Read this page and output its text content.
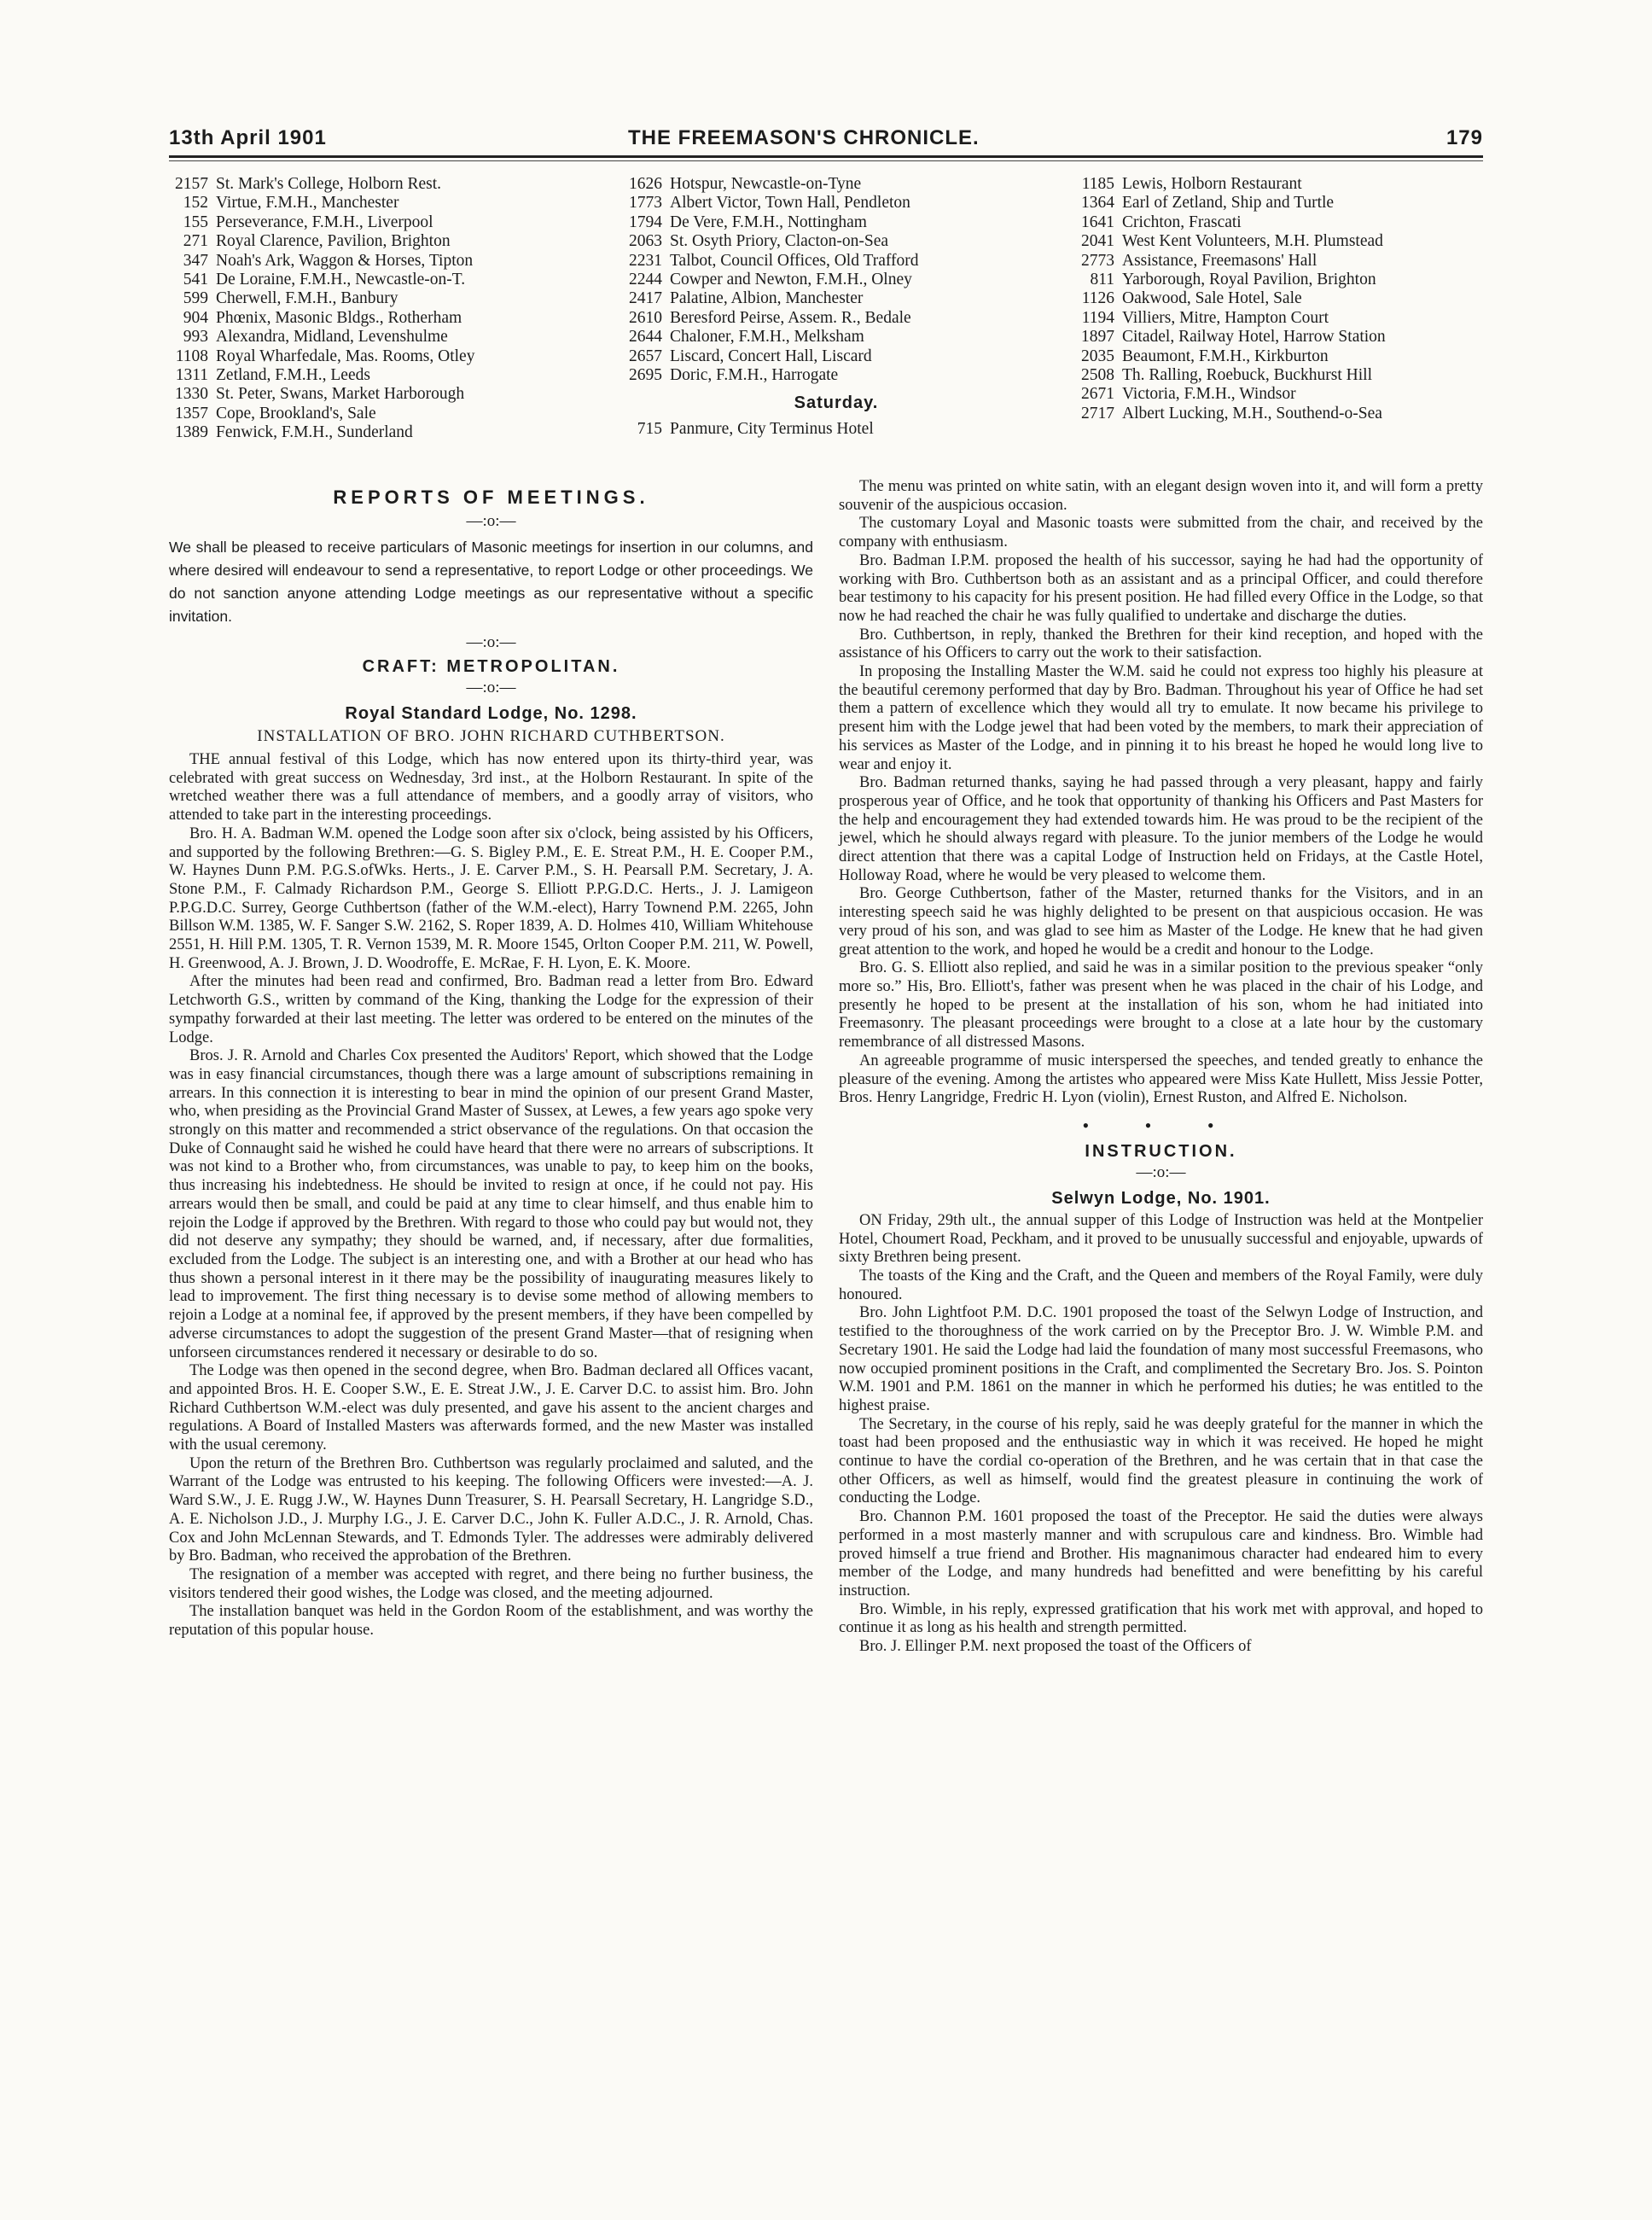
13th April 1901	THE FREEMASON'S CHRONICLE.	179
2157 St. Mark's College, Holborn Rest.
152 Virtue, F.M.H., Manchester
155 Perseverance, F.M.H., Liverpool
271 Royal Clarence, Pavilion, Brighton
347 Noah's Ark, Waggon & Horses, Tipton
541 De Loraine, F.M.H., Newcastle-on-T.
599 Cherwell, F.M.H., Banbury
904 Phœnix, Masonic Bldgs., Rotherham
993 Alexandra, Midland, Levenshulme
1108 Royal Wharfedale, Mas. Rooms, Otley
1311 Zetland, F.M.H., Leeds
1330 St. Peter, Swans, Market Harborough
1357 Cope, Brookland's, Sale
1389 Fenwick, F.M.H., Sunderland
1626 Hotspur, Newcastle-on-Tyne
1773 Albert Victor, Town Hall, Pendleton
1794 De Vere, F.M.H., Nottingham
2063 St. Osyth Priory, Clacton-on-Sea
2231 Talbot, Council Offices, Old Trafford
2244 Cowper and Newton, F.M.H., Olney
2417 Palatine, Albion, Manchester
2610 Beresford Peirse, Assem. R., Bedale
2644 Chaloner, F.M.H., Melksham
2657 Liscard, Concert Hall, Liscard
2695 Doric, F.M.H., Harrogate
Saturday.
715 Panmure, City Terminus Hotel
1185 Lewis, Holborn Restaurant
1364 Earl of Zetland, Ship and Turtle
1641 Crichton, Frascati
2041 West Kent Volunteers, M.H. Plumstead
2773 Assistance, Freemasons' Hall
811 Yarborough, Royal Pavilion, Brighton
1126 Oakwood, Sale Hotel, Sale
1194 Villiers, Mitre, Hampton Court
1897 Citadel, Railway Hotel, Harrow Station
2035 Beaumont, F.M.H., Kirkburton
2508 Th. Ralling, Roebuck, Buckhurst Hill
2671 Victoria, F.M.H., Windsor
2717 Albert Lucking, M.H., Southend-o-Sea
REPORTS OF MEETINGS.
—:o:—
We shall be pleased to receive particulars of Masonic meetings for insertion in our columns, and where desired will endeavour to send a representative, to report Lodge or other proceedings. We do not sanction anyone attending Lodge meetings as our representative without a specific invitation.
—:o:—
CRAFT: METROPOLITAN.
—:o:—
Royal Standard Lodge, No. 1298.
INSTALLATION OF BRO. JOHN RICHARD CUTHBERTSON.

THE annual festival of this Lodge, which has now entered upon its thirty-third year, was celebrated with great success on Wednesday, 3rd inst., at the Holborn Restaurant. In spite of the wretched weather there was a full attendance of members, and a goodly array of visitors, who attended to take part in the interesting proceedings.

Bro. H. A. Badman W.M. opened the Lodge soon after six o'clock, being assisted by his Officers, and supported by the following Brethren:—G. S. Bigley P.M., E. E. Streat P.M., H. E. Cooper P.M., W. Haynes Dunn P.M. P.G.S.ofWks. Herts., J. E. Carver P.M., S. H. Pearsall P.M. Secretary, J. A. Stone P.M., F. Calmady Richardson P.M., George S. Elliott P.P.G.D.C. Herts., J. J. Lamigeon P.P.G.D.C. Surrey, George Cuthbertson (father of the W.M.-elect), Harry Townend P.M. 2265, John Billson W.M. 1385, W. F. Sanger S.W. 2162, S. Roper 1839, A. D. Holmes 410, William Whitehouse 2551, H. Hill P.M. 1305, T. R. Vernon 1539, M. R. Moore 1545, Orlton Cooper P.M. 211, W. Powell, H. Greenwood, A. J. Brown, J. D. Woodroffe, E. McRae, F. H. Lyon, E. K. Moore.

After the minutes had been read and confirmed, Bro. Badman read a letter from Bro. Edward Letchworth G.S., written by command of the King, thanking the Lodge for the expression of their sympathy forwarded at their last meeting. The letter was ordered to be entered on the minutes of the Lodge.

Bros. J. R. Arnold and Charles Cox presented the Auditors' Report, which showed that the Lodge was in easy financial circumstances, though there was a large amount of subscriptions remaining in arrears. In this connection it is interesting to bear in mind the opinion of our present Grand Master, who, when presiding as the Provincial Grand Master of Sussex, at Lewes, a few years ago spoke very strongly on this matter and recommended a strict observance of the regulations. On that occasion the Duke of Connaught said he wished he could have heard that there were no arrears of subscriptions. It was not kind to a Brother who, from circumstances, was unable to pay, to keep him on the books, thus increasing his indebtedness. He should be invited to resign at once, if he could not pay. His arrears would then be small, and could be paid at any time to clear himself, and thus enable him to rejoin the Lodge if approved by the Brethren. With regard to those who could pay but would not, they did not deserve any sympathy; they should be warned, and, if necessary, after due formalities, excluded from the Lodge. The subject is an interesting one, and with a Brother at our head who has thus shown a personal interest in it there may be the possibility of inaugurating measures likely to lead to improvement. The first thing necessary is to devise some method of allowing members to rejoin a Lodge at a nominal fee, if approved by the present members, if they have been compelled by adverse circumstances to adopt the suggestion of the present Grand Master—that of resigning when unforseen circumstances rendered it necessary or desirable to do so.

The Lodge was then opened in the second degree, when Bro. Badman declared all Offices vacant, and appointed Bros. H. E. Cooper S.W., E. E. Streat J.W., J. E. Carver D.C. to assist him. Bro. John Richard Cuthbertson W.M.-elect was duly presented, and gave his assent to the ancient charges and regulations. A Board of Installed Masters was afterwards formed, and the new Master was installed with the usual ceremony.

Upon the return of the Brethren Bro. Cuthbertson was regularly proclaimed and saluted, and the Warrant of the Lodge was entrusted to his keeping. The following Officers were invested:—A. J. Ward S.W., J. E. Rugg J.W., W. Haynes Dunn Treasurer, S. H. Pearsall Secretary, H. Langridge S.D., A. E. Nicholson J.D., J. Murphy I.G., J. E. Carver D.C., John K. Fuller A.D.C., J. R. Arnold, Chas. Cox and John McLennan Stewards, and T. Edmonds Tyler. The addresses were admirably delivered by Bro. Badman, who received the approbation of the Brethren.

The resignation of a member was accepted with regret, and there being no further business, the visitors tendered their good wishes, the Lodge was closed, and the meeting adjourned.

The installation banquet was held in the Gordon Room of the establishment, and was worthy the reputation of this popular house.

The menu was printed on white satin, with an elegant design woven into it, and will form a pretty souvenir of the auspicious occasion.

The customary Loyal and Masonic toasts were submitted from the chair, and received by the company with enthusiasm.

Bro. Badman I.P.M. proposed the health of his successor, saying he had had the opportunity of working with Bro. Cuthbertson both as an assistant and as a principal Officer, and could therefore bear testimony to his capacity for his present position. He had filled every Office in the Lodge, so that now he had reached the chair he was fully qualified to undertake and discharge the duties.

Bro. Cuthbertson, in reply, thanked the Brethren for their kind reception, and hoped with the assistance of his Officers to carry out the work to their satisfaction.

In proposing the Installing Master the W.M. said he could not express too highly his pleasure at the beautiful ceremony performed that day by Bro. Badman. Throughout his year of Office he had set them a pattern of excellence which they would all try to emulate. It now became his privilege to present him with the Lodge jewel that had been voted by the members, to mark their appreciation of his services as Master of the Lodge, and in pinning it to his breast he hoped he would long live to wear and enjoy it.

Bro. Badman returned thanks, saying he had passed through a very pleasant, happy and fairly prosperous year of Office, and he took that opportunity of thanking his Officers and Past Masters for the help and encouragement they had extended towards him. He was proud to be the recipient of the jewel, which he should always regard with pleasure. To the junior members of the Lodge he would direct attention that there was a capital Lodge of Instruction held on Fridays, at the Castle Hotel, Holloway Road, where he would be very pleased to welcome them.

Bro. George Cuthbertson, father of the Master, returned thanks for the Visitors, and in an interesting speech said he was highly delighted to be present on that auspicious occasion. He was very proud of his son, and was glad to see him as Master of the Lodge. He knew that he had given great attention to the work, and hoped he would be a credit and honour to the Lodge.

Bro. G. S. Elliott also replied, and said he was in a similar position to the previous speaker “only more so.” His, Bro. Elliott's, father was present when he was placed in the chair of his Lodge, and presently he hoped to be present at the installation of his son, whom he had initiated into Freemasonry. The pleasant proceedings were brought to a close at a late hour by the customary remembrance of all distressed Masons.

An agreeable programme of music interspersed the speeches, and tended greatly to enhance the pleasure of the evening. Among the artistes who appeared were Miss Kate Hullett, Miss Jessie Potter, Bros. Henry Langridge, Fredric H. Lyon (violin), Ernest Ruston, and Alfred E. Nicholson.

• • •
INSTRUCTION.
—:o:—
Selwyn Lodge, No. 1901.

ON Friday, 29th ult., the annual supper of this Lodge of Instruction was held at the Montpelier Hotel, Choumert Road, Peckham, and it proved to be unusually successful and enjoyable, upwards of sixty Brethren being present.

The toasts of the King and the Craft, and the Queen and members of the Royal Family, were duly honoured.

Bro. John Lightfoot P.M. D.C. 1901 proposed the toast of the Selwyn Lodge of Instruction, and testified to the thoroughness of the work carried on by the Preceptor Bro. J. W. Wimble P.M. and Secretary 1901. He said the Lodge had laid the foundation of many most successful Freemasons, who now occupied prominent positions in the Craft, and complimented the Secretary Bro. Jos. S. Pointon W.M. 1901 and P.M. 1861 on the manner in which he performed his duties; he was entitled to the highest praise.

The Secretary, in the course of his reply, said he was deeply grateful for the manner in which the toast had been proposed and the enthusiastic way in which it was received. He hoped he might continue to have the cordial co-operation of the Brethren, and he was certain that in that case the other Officers, as well as himself, would find the greatest pleasure in continuing the work of conducting the Lodge.

Bro. Channon P.M. 1601 proposed the toast of the Preceptor. He said the duties were always performed in a most masterly manner and with scrupulous care and kindness. Bro. Wimble had proved himself a true friend and Brother. His magnanimous character had endeared him to every member of the Lodge, and many hundreds had benefitted and were benefitting by his careful instruction.

Bro. Wimble, in his reply, expressed gratification that his work met with approval, and hoped to continue it as long as his health and strength permitted.

Bro. J. Ellinger P.M. next proposed the toast of the Officers of
